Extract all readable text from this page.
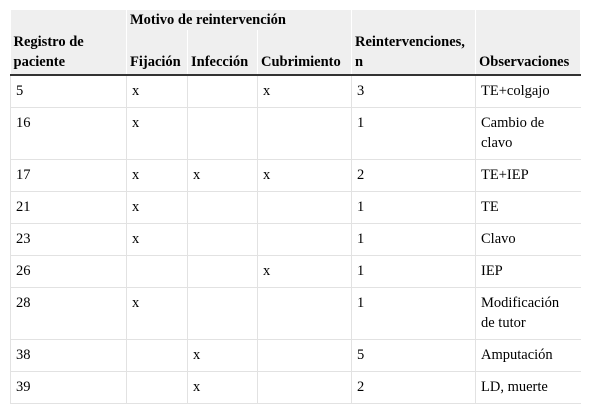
	Motivo de reintervención				
Registro de paciente	Fijación	Infección	Cubrimiento	Reintervenciones, n	Observaciones
5	x		x	3	TE+colgajo
16	x			1	Cambio de clavo
17	x	x	x	2	TE+IEP
21	x			1	TE
23	x			1	Clavo
26			x	1	IEP
28	x			1	Modificación de tutor
38		x		5	Amputación
39		x		2	LD, muerte
